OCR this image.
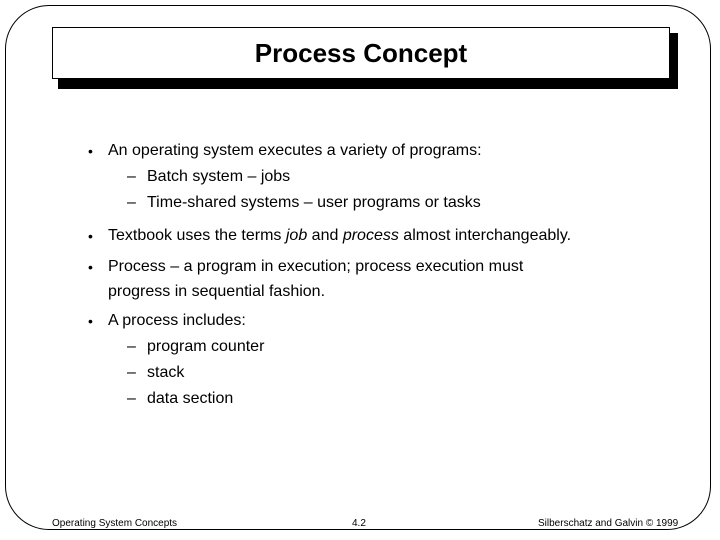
Process Concept
• An operating system executes a variety of programs:
– Batch system – jobs
– Time-shared systems – user programs or tasks
• Textbook uses the terms job and process almost interchangeably.
• Process – a program in execution; process execution must
progress in sequential fashion.
• A process includes:
– program counter
– stack
– data section
Operating System Concepts	4.2	Silberschatz and Galvin © 1999
